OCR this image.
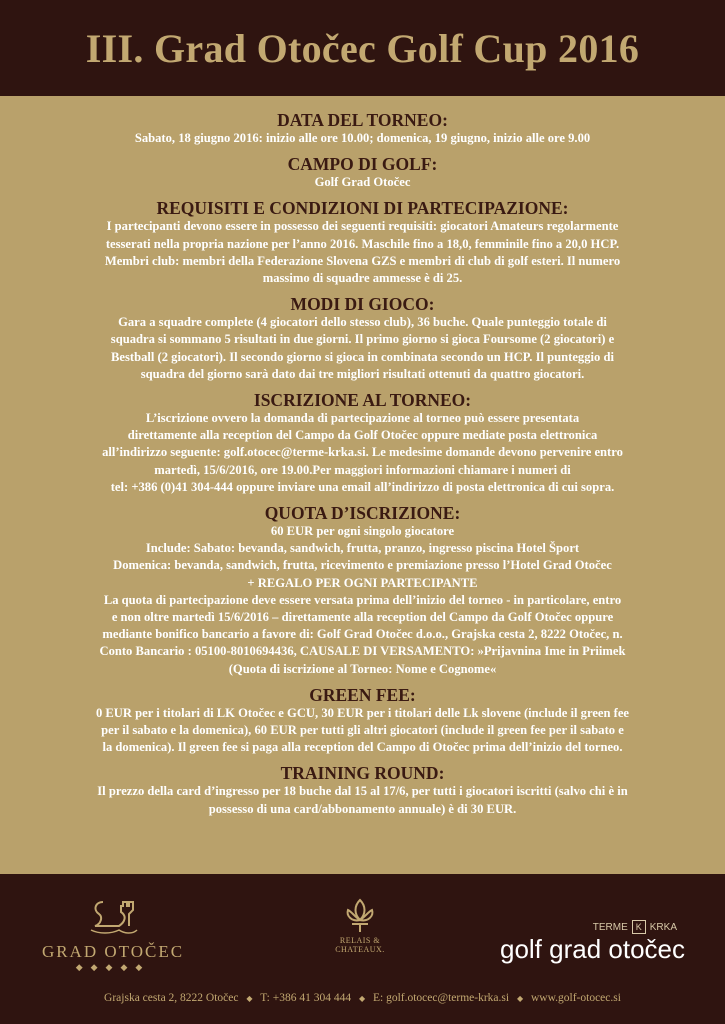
III. Grad Otočec Golf Cup 2016
DATA DEL TORNEO:

Sabato, 18 giugno 2016: inizio alle ore 10.00; domenica, 19 giugno, inizio alle ore 9.00

CAMPO DI GOLF:

Golf Grad Otočec

REQUISITI E CONDIZIONI DI PARTECIPAZIONE:

I partecipanti devono essere in possesso dei seguenti requisiti: giocatori Amateurs regolarmente

tesserati nella propria nazione per l’anno 2016. Maschile fino a 18,0, femminile fino a 20,0 HCP.

Membri club: membri della Federazione Slovena GZS e membri di club di golf esteri. Il numero

massimo di squadre ammesse è di 25.

MODI DI GIOCO:

Gara a squadre complete (4 giocatori dello stesso club), 36 buche. Quale punteggio totale di

squadra si sommano 5 risultati in due giorni. Il primo giorno si gioca Foursome (2 giocatori) e

Bestball (2 giocatori). Il secondo giorno si gioca in combinata secondo un HCP. Il punteggio di

squadra del giorno sarà dato dai tre migliori risultati ottenuti da quattro giocatori.

ISCRIZIONE AL TORNEO:

L’iscrizione ovvero la domanda di partecipazione al torneo può essere presentata

direttamente alla reception del Campo da Golf Otočec oppure mediate posta elettronica

all’indirizzo seguente: golf.otocec@terme-krka.si. Le medesime domande devono pervenire entro

martedì, 15/6/2016, ore 19.00.Per maggiori informazioni chiamare i numeri di

tel: +386 (0)41 304-444 oppure inviare una email all’indirizzo di posta elettronica di cui sopra.

QUOTA D’ISCRIZIONE:

60 EUR per ogni singolo giocatore

Include: Sabato: bevanda, sandwich, frutta, pranzo, ingresso piscina Hotel Šport

Domenica: bevanda, sandwich, frutta, ricevimento e premiazione presso l’Hotel Grad Otočec

+ REGALO PER OGNI PARTECIPANTE

La quota di partecipazione deve essere versata prima dell’inizio del torneo - in particolare, entro

e non oltre martedì 15/6/2016 – direttamente alla reception del Campo da Golf Otočec oppure

mediante bonifico bancario a favore di: Golf Grad Otočec d.o.o., Grajska cesta 2, 8222 Otočec, n.

Conto Bancario : 05100-8010694436, CAUSALE DI VERSAMENTO: »Prijavnina Ime in Priimek

(Quota di iscrizione al Torneo: Nome e Cognome«

GREEN FEE:

0 EUR per i titolari di LK Otočec e GCU, 30 EUR per i titolari delle Lk slovene (include il green fee

per il sabato e la domenica), 60 EUR per tutti gli altri giocatori (include il green fee per il sabato e

la domenica). Il green fee si paga alla reception del Campo di Otočec prima dell’inizio del torneo.

TRAINING ROUND:

Il prezzo della card d’ingresso per 18 buche dal 15 al 17/6, per tutti i giocatori iscritti (salvo chi è in

possesso di una card/abbonamento annuale) è di 30 EUR.

GRAD OTOČEC
◆◆◆◆◆
RELAIS &
CHATEAUX.
TERME K KRKA
golf grad otočec
Grajska cesta 2, 8222 Otočec ◆ T: +386 41 304 444 ◆ E: golf.otocec@terme-krka.si ◆ www.golf-otocec.si
